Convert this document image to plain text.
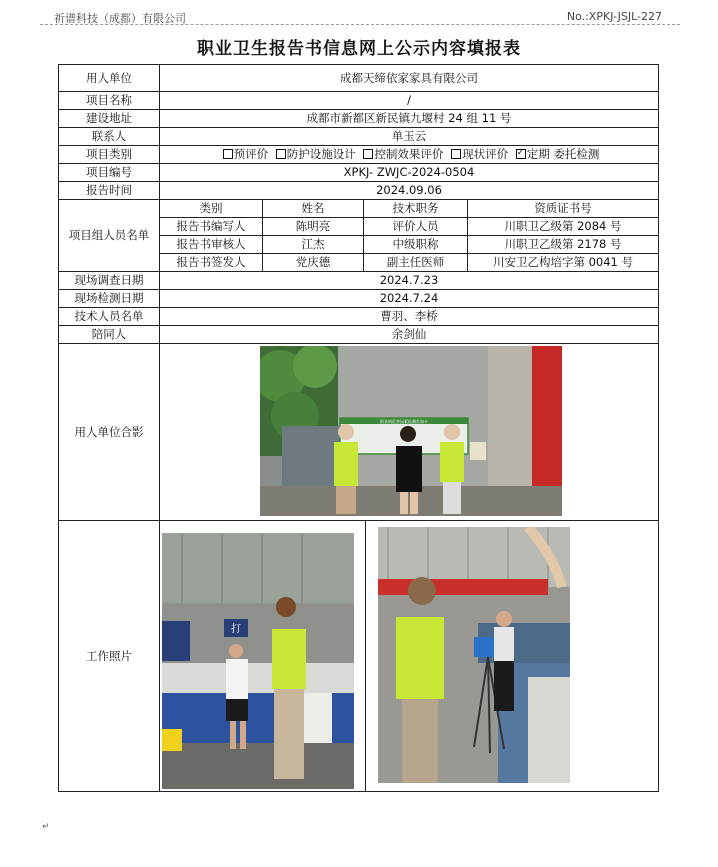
祈谱科技（成都）有限公司	No.:XPKJ-JSJL-227
职业卫生报告书信息网上公示内容填报表
用人单位	成都天缔依家家具有限公司			
项目名称	/			
建设地址	成都市新都区新民镇九堰村 24 组 11 号			
联系人	单玉云			
项目类别	预评价 防护设施设计 控制效果评价 现状评价 ✓ 定期 委托检测
项目编号	XPKJ- ZWJC-2024-0504			
报告时间	2024.09.06			
项目组人员名单	类别	姓名	技术职务	资质证书号
	报告书编写人	陈明亮	评价人员	川职卫乙级第 2084 号
	报告书审核人	江杰	中级职称	川职卫乙级第 2178 号
	报告书签发人	党庆德	副主任医师	川安卫乙构培字第 0041 号
现场调查日期	2024.7.23			
现场检测日期	2024.7.24			
技术人员名单	曹羽、李桥			
陪同人	余剑仙			
用人单位合影	职业病危害因素检测告知卡			

工作照片	打			
↵
